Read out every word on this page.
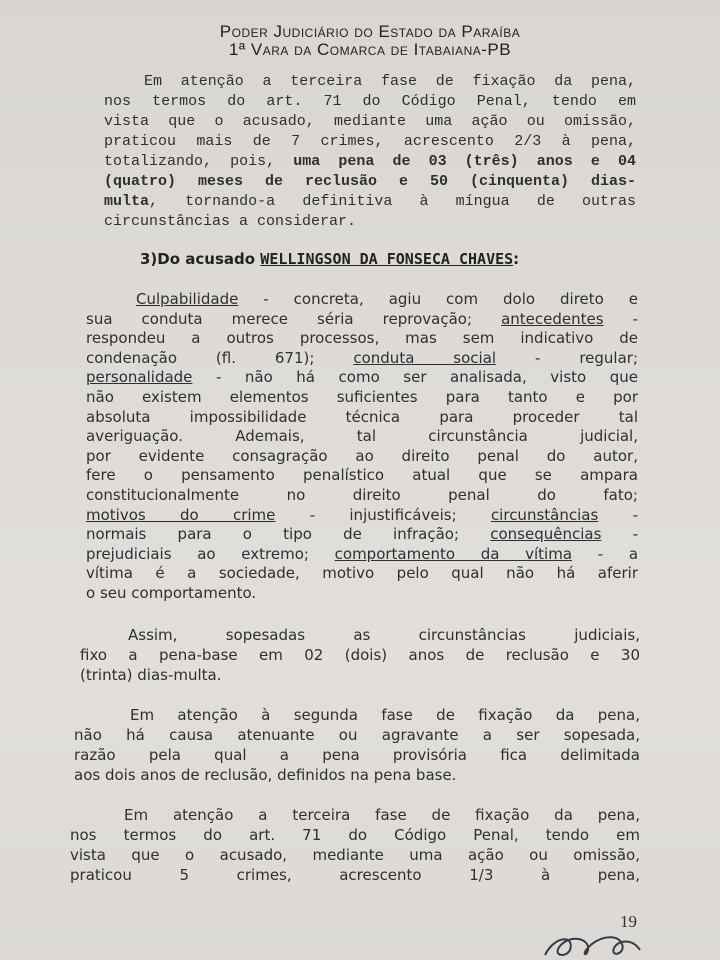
Poder Judiciário do Estado da Paraíba
1ª Vara da Comarca de Itabaiana-PB
Em atenção a terceira fase de fixação da pena,
nos termos do art. 71 do Código Penal, tendo em
vista que o acusado, mediante uma ação ou omissão,
praticou mais de 7 crimes, acrescento 2/3 à pena,
totalizando, pois, uma pena de 03 (três) anos e 04
(quatro) meses de reclusão e 50 (cinquenta) dias-
multa, tornando-a definitiva à míngua de outras
circunstâncias a considerar.
3)Do acusado WELLINGSON DA FONSECA CHAVES:
Culpabilidade - concreta, agiu com dolo direto e
sua conduta merece séria reprovação; antecedentes -
respondeu a outros processos, mas sem indicativo de
condenação (fl. 671);	conduta social - regular;
personalidade - não há como ser analisada, visto que
não existem elementos suficientes para tanto e por
absoluta impossibilidade técnica para proceder tal
averiguação. Ademais, tal circunstância judicial,
por evidente consagração ao direito penal do autor,
fere o pensamento penalístico atual que se ampara
constitucionalmente no direito penal do fato;
motivos do crime - injustificáveis; circunstâncias -
normais para o tipo de infração; consequências -
prejudiciais ao extremo; comportamento da vítima - a
vítima é a sociedade, motivo pelo qual não há aferir
o seu comportamento.
Assim, sopesadas as circunstâncias judiciais,
fixo a pena-base em 02 (dois) anos de reclusão e 30
(trinta) dias-multa.
Em atenção à segunda fase de fixação da pena,
não há causa atenuante ou agravante a ser sopesada,
razão pela qual a pena provisória fica delimitada
aos dois anos de reclusão, definidos na pena base.
Em atenção a terceira fase de fixação da pena,
nos termos do art. 71 do Código Penal, tendo em
vista que o acusado, mediante uma ação ou omissão,
praticou 5 crimes, acrescento 1/3 à pena,
19
